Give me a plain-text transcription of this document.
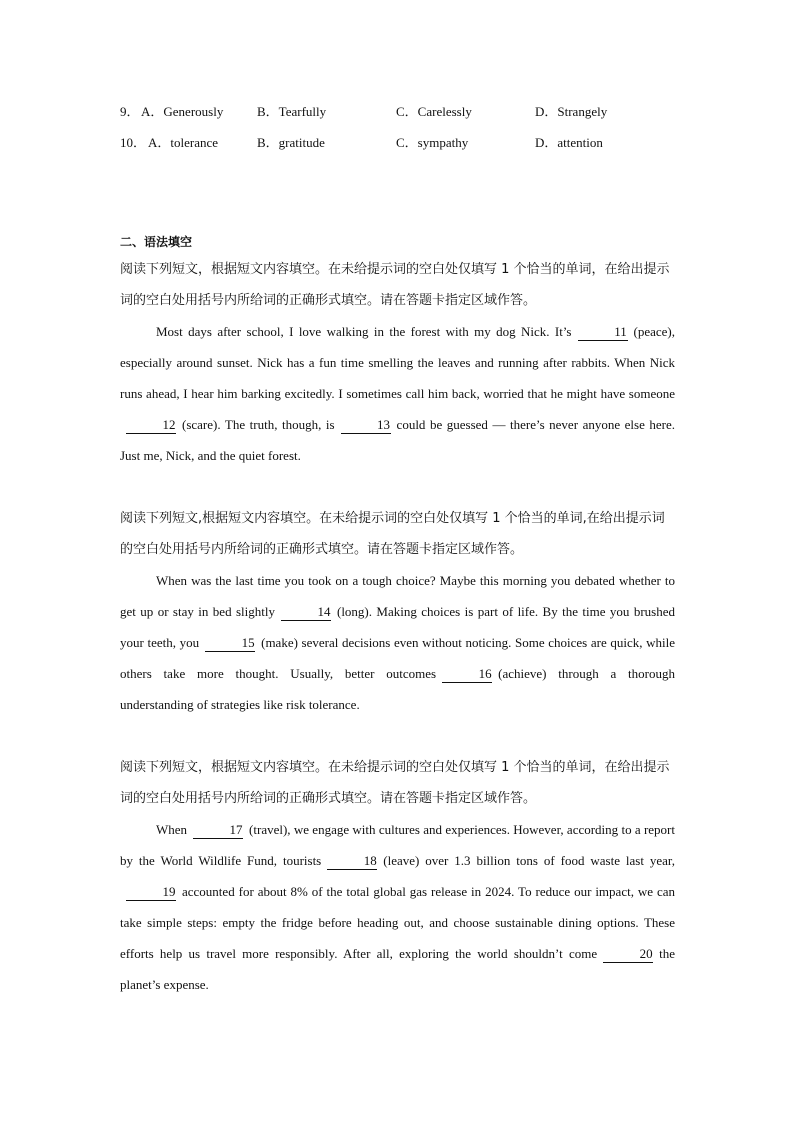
9． A．Generously	B．Tearfully	C．Carelessly	D．Strangely
10． A．tolerance	B．gratitude	C．sympathy	D．attention
二、语法填空
阅读下列短文，根据短文内容填空。在未给提示词的空白处仅填写 1 个恰当的单词，在给出提示词的空白处用括号内所给词的正确形式填空。请在答题卡指定区域作答。

Most days after school, I love walking in the forest with my dog Nick. It’s	11 (peace), especially around sunset. Nick has a fun time smelling the leaves and running after rabbits. When Nick runs ahead, I hear him barking excitedly. I sometimes call him back, worried that he might have someone12 (scare). The truth, though, is	13 could be guessed — there’s never anyone else here. Just me, Nick, and the quiet forest.

阅读下列短文,根据短文内容填空。在未给提示词的空白处仅填写 1 个恰当的单词,在给出提示词的空白处用括号内所给词的正确形式填空。请在答题卡指定区域作答。

When was the last time you took on a tough choice? Maybe this morning you debated whether to get up or stay in bed slightly	14 (long). Making choices is part of life. By the time you brushed your teeth, you	15 (make) several decisions even without noticing. Some choices are quick, while others take more thought. Usually, better outcomes	16 (achieve) through a thorough understanding of strategies like risk tolerance.

阅读下列短文，根据短文内容填空。在未给提示词的空白处仅填写 1 个恰当的单词，在给出提示词的空白处用括号内所给词的正确形式填空。请在答题卡指定区域作答。

When	17 (travel), we engage with cultures and experiences. However, according to a report by the World Wildlife Fund, tourists	18 (leave) over 1.3 billion tons of food waste last year,19 accounted for about 8% of the total global gas release in 2024. To reduce our impact, we can take simple steps: empty the fridge before heading out, and choose sustainable dining options. These efforts help us travel more responsibly. After all, exploring the world shouldn’t come	20 the planet’s expense.
